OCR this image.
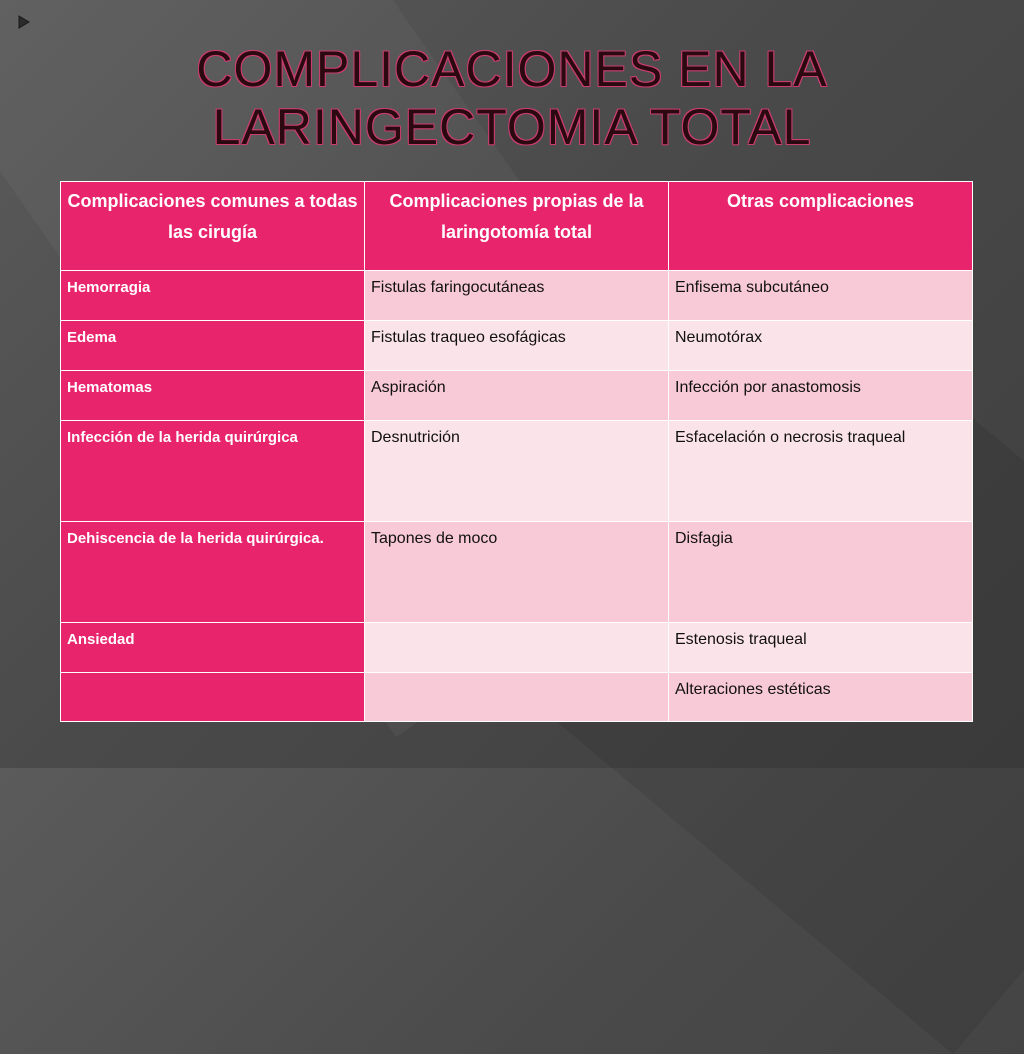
COMPLICACIONES EN LA
LARINGECTOMIA TOTAL
Complicaciones comunes a todas las cirugía	Complicaciones propias de la laringotomía total	Otras complicaciones
Hemorragia	Fistulas faringocutáneas	Enfisema subcutáneo
Edema	Fistulas traqueo esofágicas	Neumotórax
Hematomas	Aspiración	Infección por anastomosis
Infección de la herida quirúrgica	Desnutrición	Esfacelación o necrosis traqueal
Dehiscencia de la herida quirúrgica.	Tapones de moco	Disfagia
Ansiedad		Estenosis traqueal
		Alteraciones estéticas
